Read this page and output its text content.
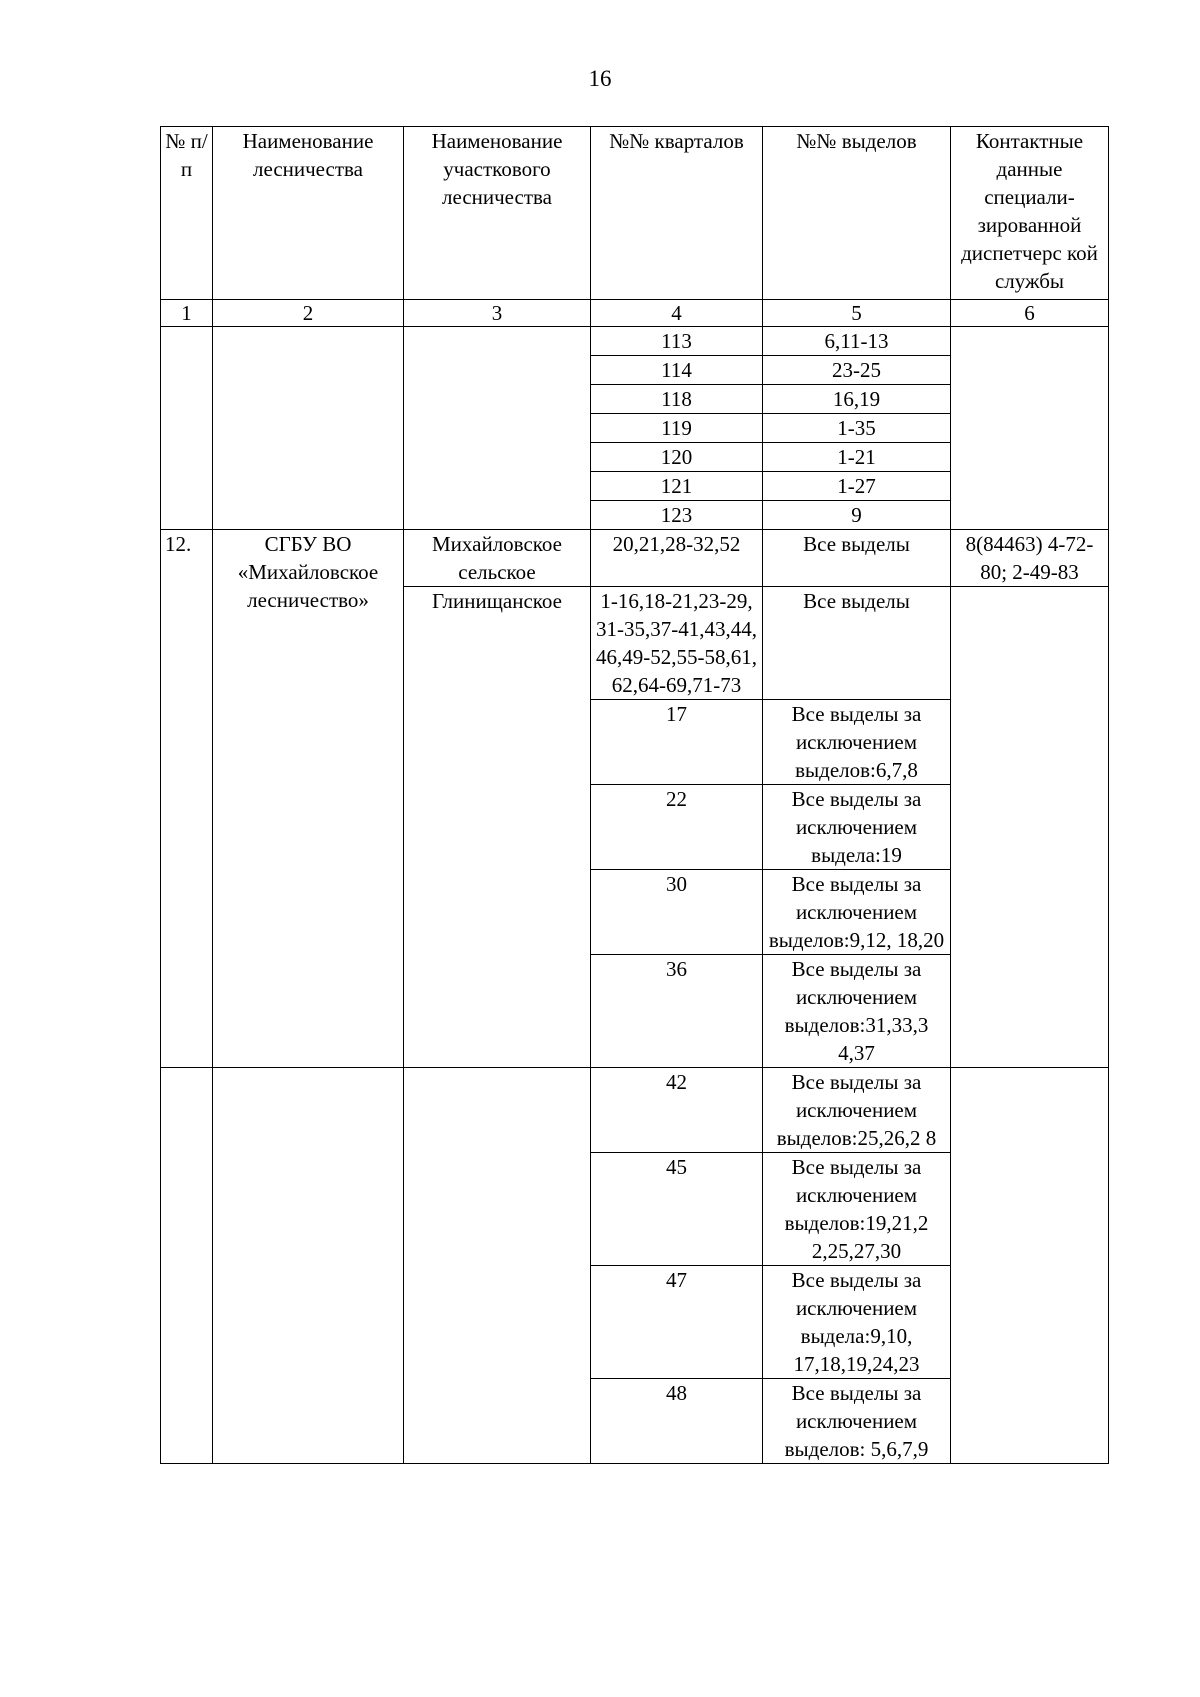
16
№ п/п	Наименование лесничества	Наименование участкового лесничества	№№ кварталов	№№ выделов	Контактные данные специали-зированной диспетчерс кой службы
1	2	3	4	5	6
			113	6,11-13	
			114	23-25	
			118	16,19	
			119	1-35	
			120	1-21	
			121	1-27	
			123	9	
12.	СГБУ ВО «Михайловское лесничество»	Михайловское сельское	20,21,28-32,52	Все выделы	8(84463) 4-72-80; 2-49-83
		Глинищанское	1-16,18-21,23-29, 31-35,37-41,43,44, 46,49-52,55-58,61, 62,64-69,71-73	Все выделы	
			17	Все выделы за исключением выделов:6,7,8	
			22	Все выделы за исключением выдела:19	
			30	Все выделы за исключением выделов:9,12, 18,20	
			36	Все выделы за исключением выделов:31,33,3 4,37	
			42	Все выделы за исключением выделов:25,26,2 8	
			45	Все выделы за исключением выделов:19,21,2 2,25,27,30	
			47	Все выделы за исключением выдела:9,10, 17,18,19,24,23	
			48	Все выделы за исключением выделов: 5,6,7,9	
